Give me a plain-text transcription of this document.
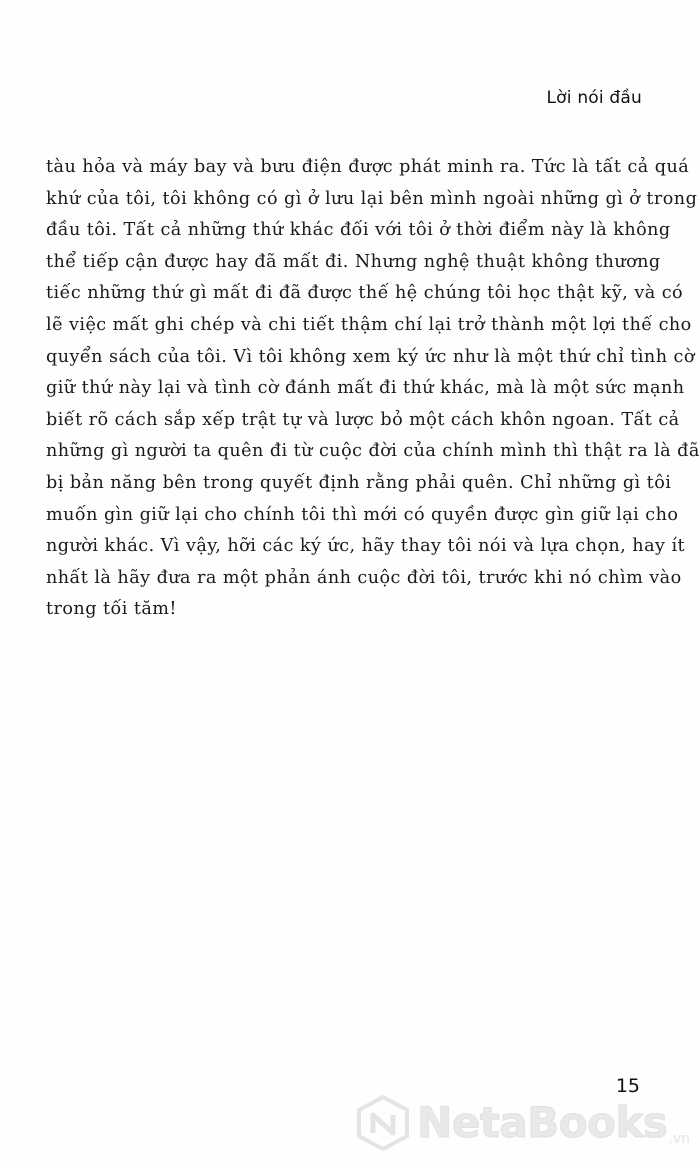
Lời nói đầu

tàu hỏa và máy bay và bưu điện được phát minh ra. Tức là tất cả quá
khứ của tôi, tôi không có gì ở lưu lại bên mình ngoài những gì ở trong
đầu tôi. Tất cả những thứ khác đối với tôi ở thời điểm này là không
thể tiếp cận được hay đã mất đi. Nhưng nghệ thuật không thương
tiếc những thứ gì mất đi đã được thế hệ chúng tôi học thật kỹ, và có
lẽ việc mất ghi chép và chi tiết thậm chí lại trở thành một lợi thế cho
quyển sách của tôi. Vì tôi không xem ký ức như là một thứ chỉ tình cờ
giữ thứ này lại và tình cờ đánh mất đi thứ khác, mà là một sức mạnh
biết rõ cách sắp xếp trật tự và lược bỏ một cách khôn ngoan. Tất cả
những gì người ta quên đi từ cuộc đời của chính mình thì thật ra là đã
bị bản năng bên trong quyết định rằng phải quên. Chỉ những gì tôi
muốn gìn giữ lại cho chính tôi thì mới có quyền được gìn giữ lại cho
người khác. Vì vậy, hỡi các ký ức, hãy thay tôi nói và lựa chọn, hay ít
nhất là hãy đưa ra một phản ánh cuộc đời tôi, trước khi nó chìm vào
trong tối tăm!

15
NetaBooks .vn
